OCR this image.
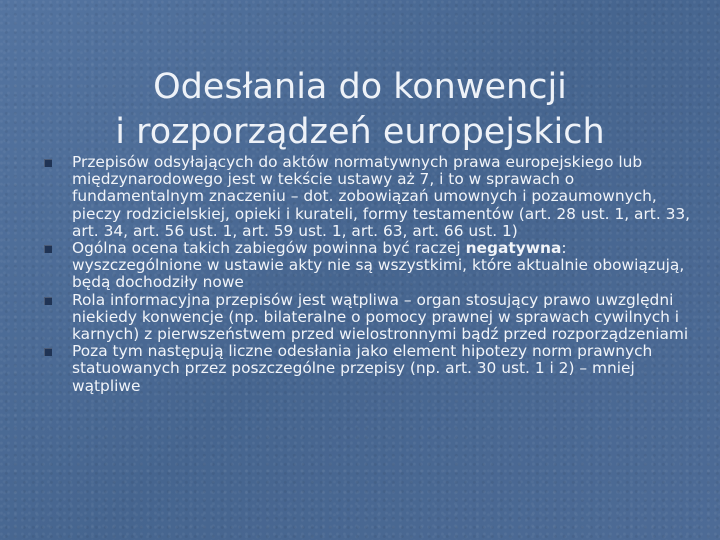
Odesłania do konwencji
i rozporządzeń europejskich
Przepisów odsyłających do aktów normatywnych prawa europejskiego lub międzynarodowego jest w tekście ustawy aż 7, i to w sprawach o fundamentalnym znaczeniu – dot. zobowiązań umownych i pozaumownych, pieczy rodzicielskiej, opieki i kurateli, formy testamentów (art. 28 ust. 1, art. 33, art. 34, art. 56 ust. 1, art. 59 ust. 1, art. 63, art. 66 ust. 1)
Ogólna ocena takich zabiegów powinna być raczej negatywna: wyszczególnione w ustawie akty nie są wszystkimi, które aktualnie obowiązują, będą dochodziły nowe
Rola informacyjna przepisów jest wątpliwa – organ stosujący prawo uwzględni niekiedy konwencje (np. bilateralne o pomocy prawnej w sprawach cywilnych i karnych) z pierwszeństwem przed wielostronnymi bądź przed rozporządzeniami
Poza tym następują liczne odesłania jako element hipotezy norm prawnych statuowanych przez poszczególne przepisy (np. art. 30 ust. 1 i 2) – mniej wątpliwe
